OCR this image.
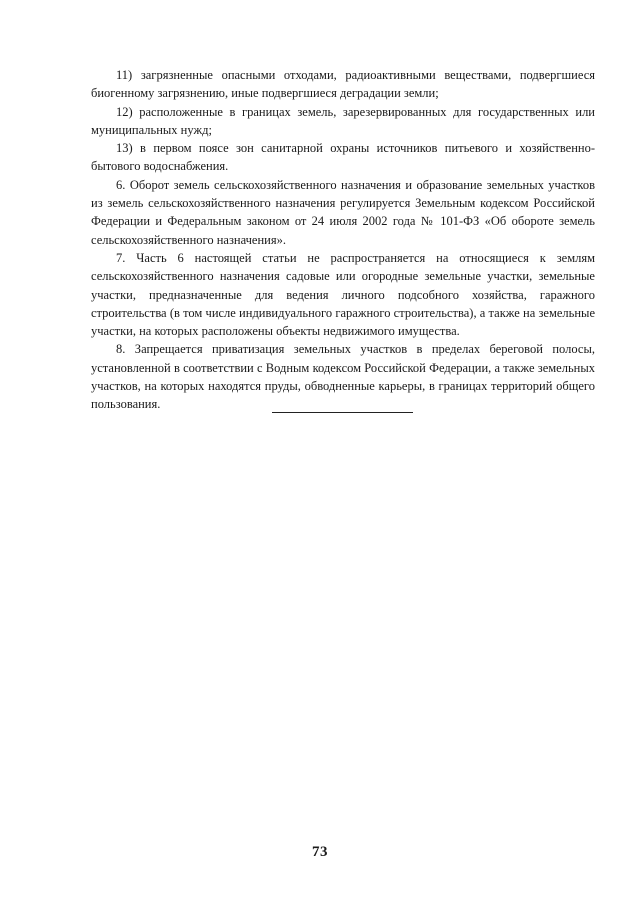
11) загрязненные опасными отходами, радиоактивными веществами, подвергшиеся биогенному загрязнению, иные подвергшиеся деградации земли;

12) расположенные в границах земель, зарезервированных для государственных или муниципальных нужд;

13) в первом поясе зон санитарной охраны источников питьевого и хозяйственно-бытового водоснабжения.

6. Оборот земель сельскохозяйственного назначения и образование земельных участков из земель сельскохозяйственного назначения регулируется Земельным кодексом Российской Федерации и Федеральным законом от 24 июля 2002 года № 101-ФЗ «Об обороте земель сельскохозяйственного назначения».

7. Часть 6 настоящей статьи не распространяется на относящиеся к землям сельскохозяйственного назначения садовые или огородные земельные участки, земельные участки, предназначенные для ведения личного подсобного хозяйства, гаражного строительства (в том числе индивидуального гаражного строительства), а также на земельные участки, на которых расположены объекты недвижимого имущества.

8. Запрещается приватизация земельных участков в пределах береговой полосы, установленной в соответствии с Водным кодексом Российской Федерации, а также земельных участков, на которых находятся пруды, обводненные карьеры, в границах территорий общего пользования.

73
